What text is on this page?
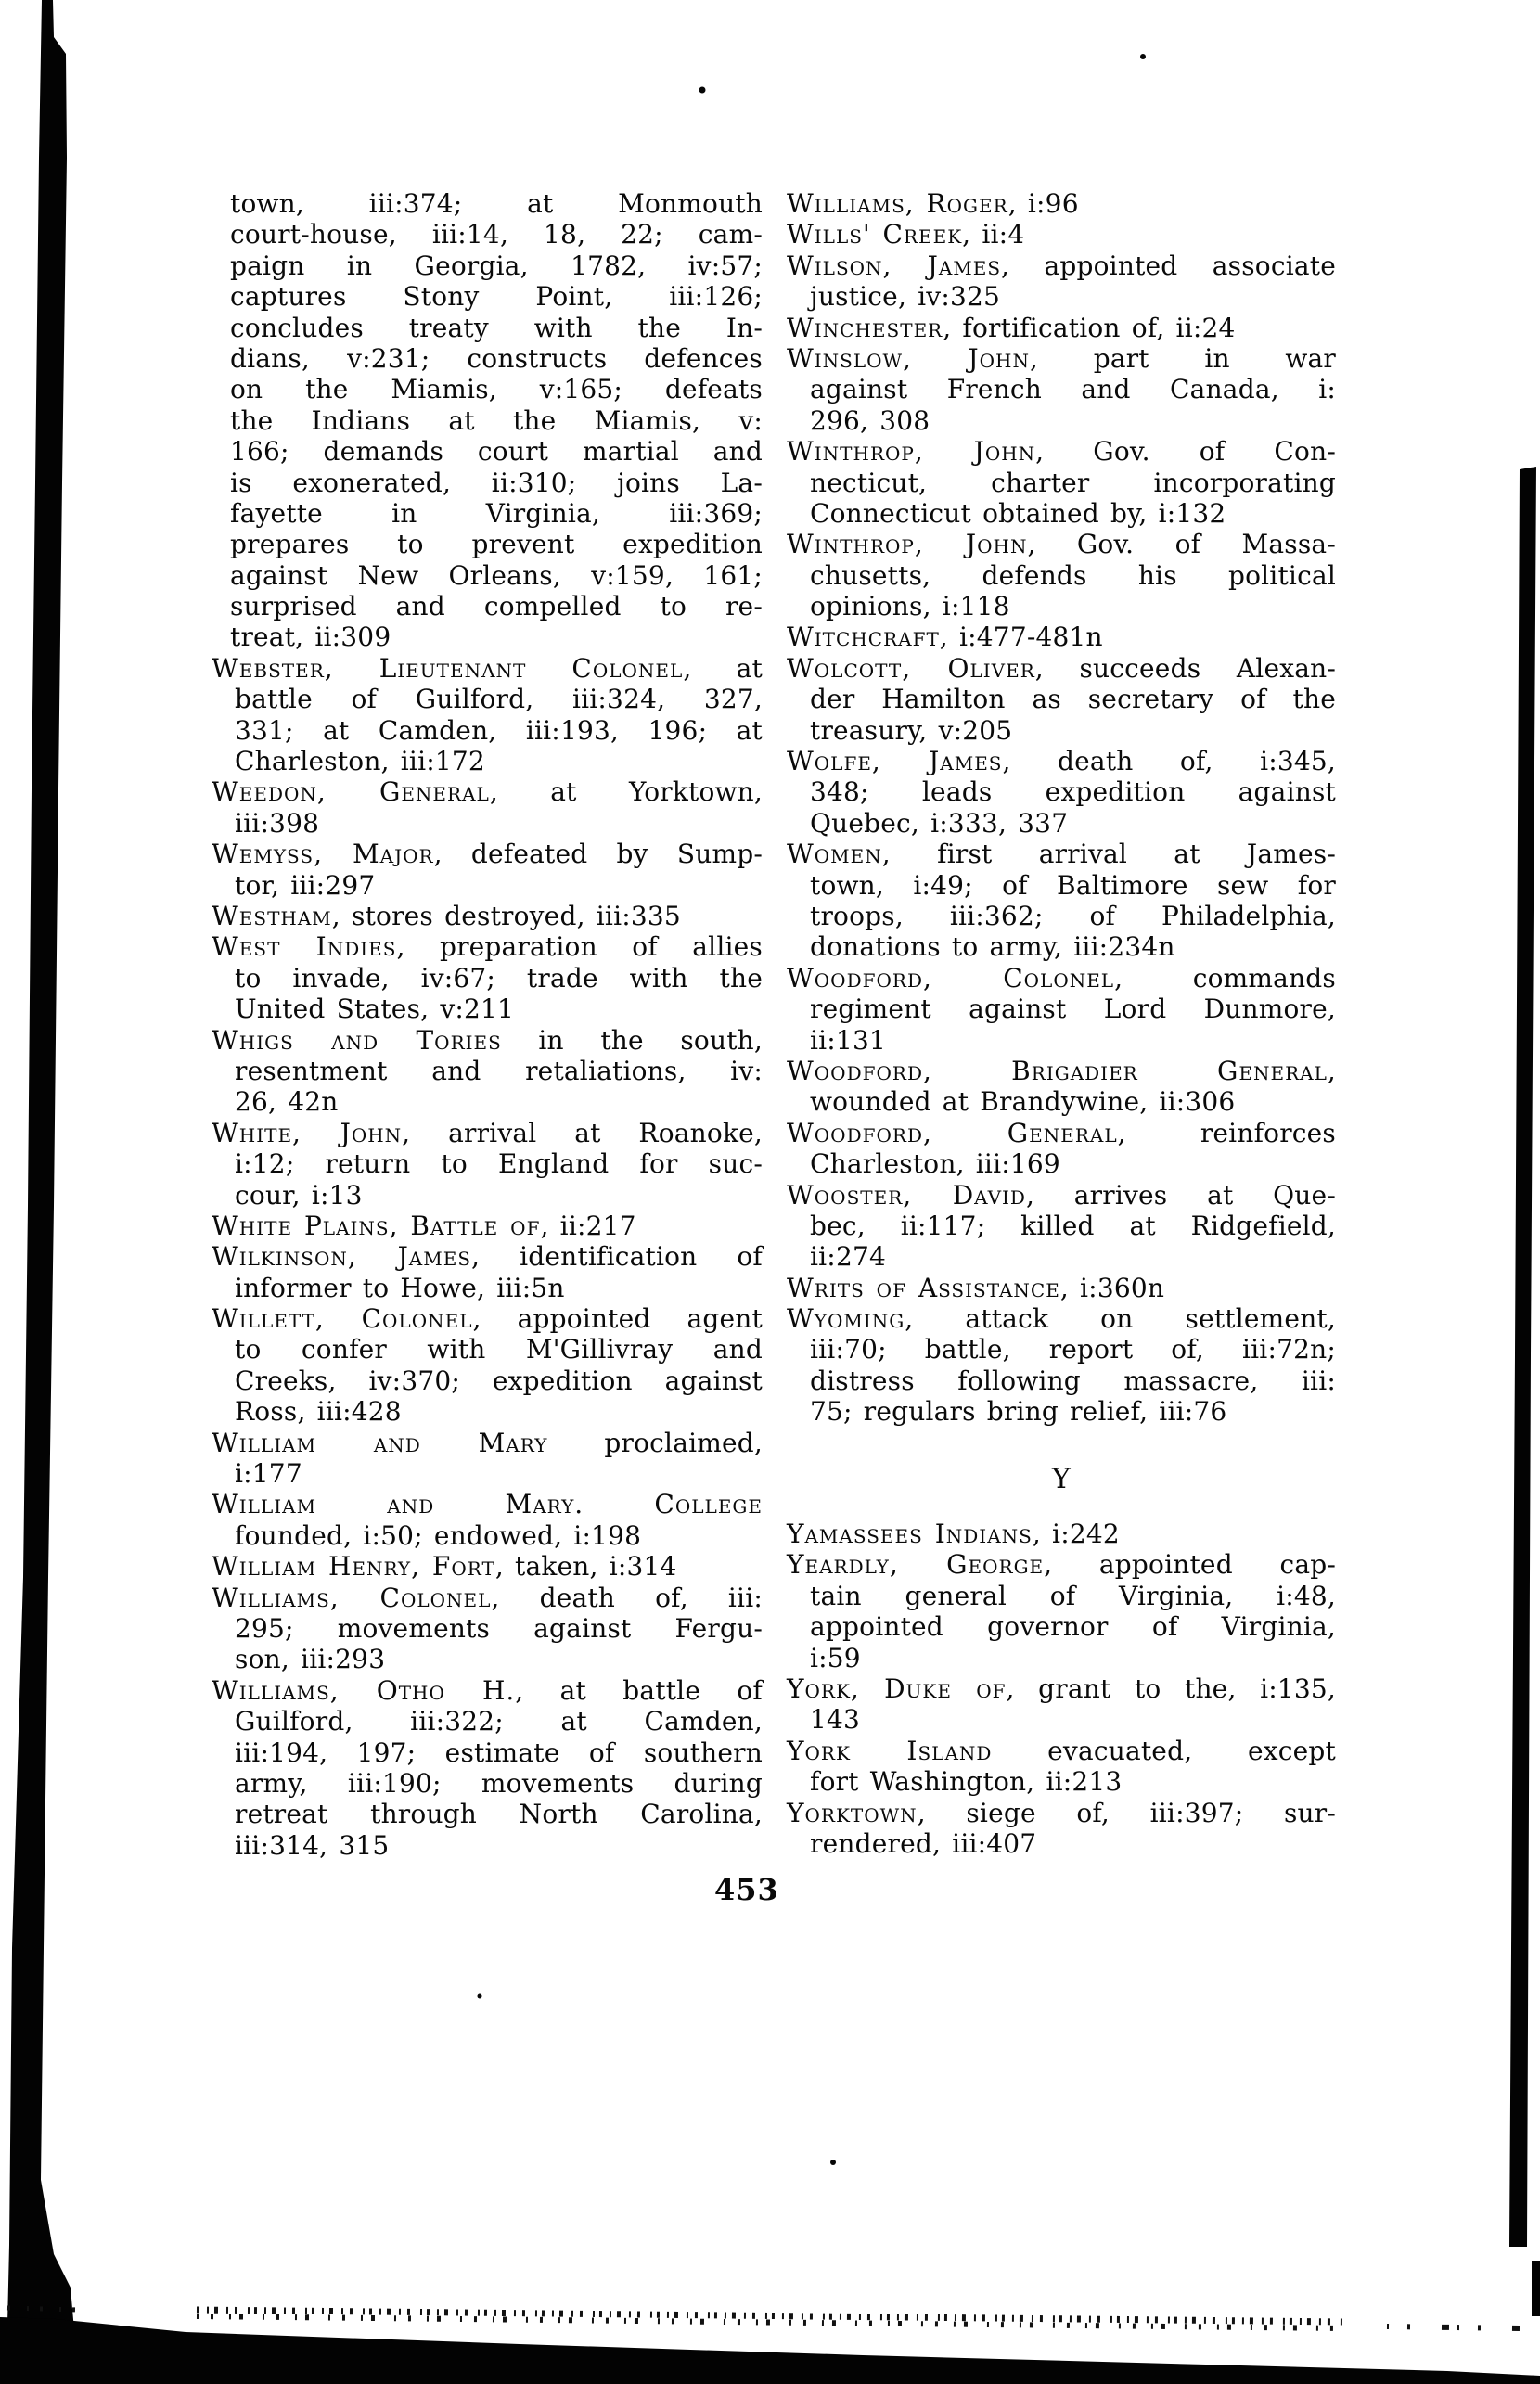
town, iii:374; at Monmouth
court-house, iii:14, 18, 22; cam-
paign in Georgia, 1782, iv:57;
captures Stony Point, iii:126;
concludes treaty with the In-
dians, v:231; constructs defences
on the Miamis, v:165; defeats
the Indians at the Miamis, v:
166; demands court martial and
is exonerated, ii:310; joins La-
fayette in Virginia, iii:369;
prepares to prevent expedition
against New Orleans, v:159, 161;
surprised and compelled to re-
treat, ii:309
Webster, Lieutenant Colonel, at
battle of Guilford, iii:324, 327,
331; at Camden, iii:193, 196; at
Charleston, iii:172
Weedon, General, at Yorktown,
iii:398
Wemyss, Major, defeated by Sump-
tor, iii:297
Westham, stores destroyed, iii:335
West Indies, preparation of allies
to invade, iv:67; trade with the
United States, v:211
Whigs and Tories in the south,
resentment and retaliations, iv:
26, 42n
White, John, arrival at Roanoke,
i:12; return to England for suc-
cour, i:13
White Plains, Battle of, ii:217
Wilkinson, James, identification of
informer to Howe, iii:5n
Willett, Colonel, appointed agent
to confer with M'Gillivray and
Creeks, iv:370; expedition against
Ross, iii:428
William and Mary proclaimed,
i:177
William and Mary. College
founded, i:50; endowed, i:198
William Henry, Fort, taken, i:314
Williams, Colonel, death of, iii:
295; movements against Fergu-
son, iii:293
Williams, Otho H., at battle of
Guilford, iii:322; at Camden,
iii:194, 197; estimate of southern
army, iii:190; movements during
retreat through North Carolina,
iii:314, 315
Williams, Roger, i:96
Wills' Creek, ii:4
Wilson, James, appointed associate
justice, iv:325
Winchester, fortification of, ii:24
Winslow, John, part in war
against French and Canada, i:
296, 308
Winthrop, John, Gov. of Con-
necticut, charter incorporating
Connecticut obtained by, i:132
Winthrop, John, Gov. of Massa-
chusetts, defends his political
opinions, i:118
Witchcraft, i:477-481n
Wolcott, Oliver, succeeds Alexan-
der Hamilton as secretary of the
treasury, v:205
Wolfe, James, death of, i:345,
348; leads expedition against
Quebec, i:333, 337
Women, first arrival at James-
town, i:49; of Baltimore sew for
troops, iii:362; of Philadelphia,
donations to army, iii:234n
Woodford, Colonel, commands
regiment against Lord Dunmore,
ii:131
Woodford, Brigadier General,
wounded at Brandywine, ii:306
Woodford, General, reinforces
Charleston, iii:169
Wooster, David, arrives at Que-
bec, ii:117; killed at Ridgefield,
ii:274
Writs of Assistance, i:360n
Wyoming, attack on settlement,
iii:70; battle, report of, iii:72n;
distress following massacre, iii:
75; regulars bring relief, iii:76
Y
Yamassees Indians, i:242
Yeardly, George, appointed cap-
tain general of Virginia, i:48,
appointed governor of Virginia,
i:59
York, Duke of, grant to the, i:135,
143
York Island evacuated, except
fort Washington, ii:213
Yorktown, siege of, iii:397; sur-
rendered, iii:407
453
